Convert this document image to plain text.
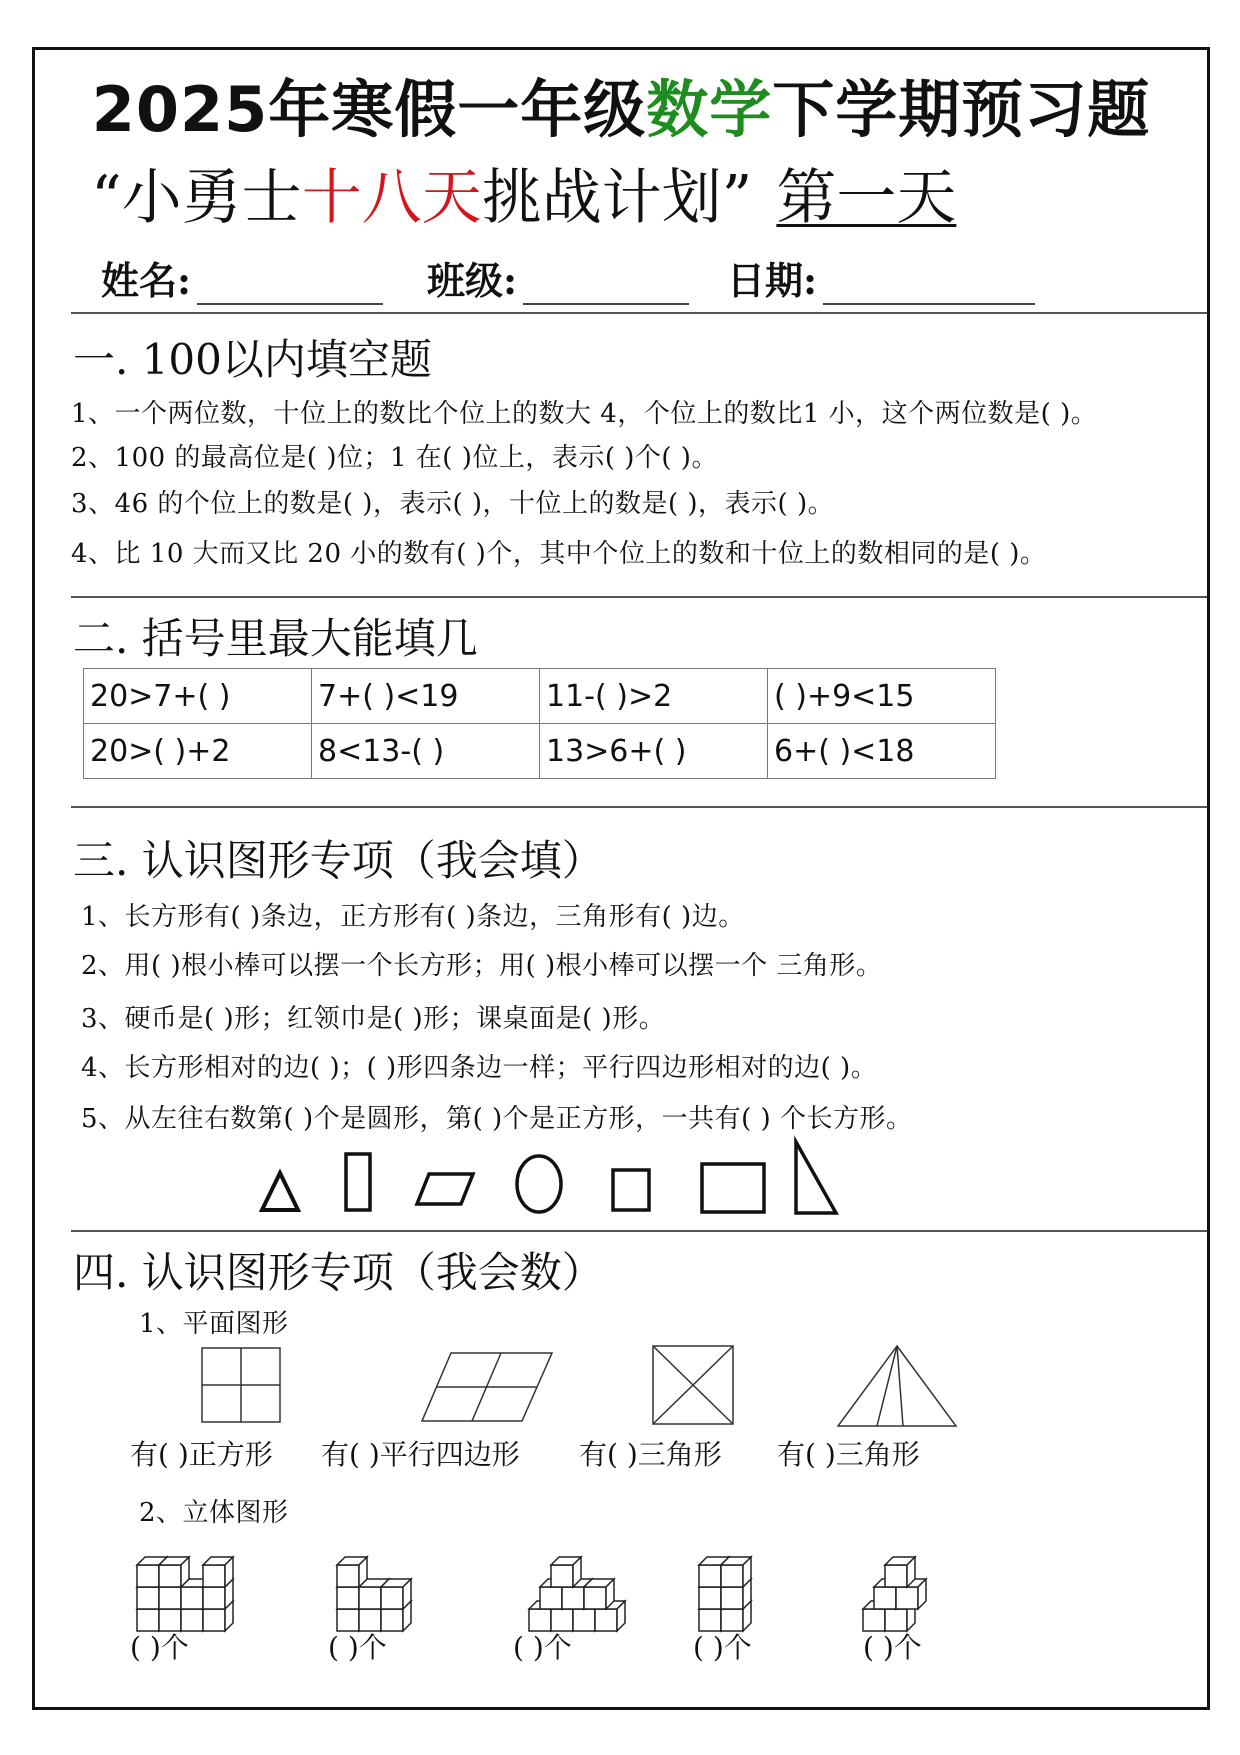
2025年寒假一年级数学下学期预习题
“小勇士十八天挑战计划” 第一天
姓名:	班级:	日期:
一. 100以内填空题
1、一个两位数，十位上的数比个位上的数大 4，个位上的数比1 小，这个两位数是( )。
2、100 的最高位是( )位；1 在( )位上，表示( )个( )。
3、46 的个位上的数是( )，表示( )，十位上的数是( )，表示( )。
4、比 10 大而又比 20 小的数有( )个，其中个位上的数和十位上的数相同的是( )。
二. 括号里最大能填几
20>7+( )	7+( )<19	11-( )>2	( )+9<15
20>( )+2	8<13-( )	13>6+( )	6+( )<18
三. 认识图形专项（我会填）
1、长方形有( )条边，正方形有( )条边，三角形有( )边。
2、用( )根小棒可以摆一个长方形；用( )根小棒可以摆一个 三角形。
3、硬币是( )形；红领巾是( )形；课桌面是( )形。
4、长方形相对的边( )；( )形四条边一样；平行四边形相对的边( )。
5、从左往右数第( )个是圆形，第( )个是正方形，一共有( ) 个长方形。
四. 认识图形专项（我会数）
1、平面图形
有( )正方形 有( )平行四边形 有( )三角形 有( )三角形
2、立体图形
( )个	( )个	( )个	( )个	( )个
